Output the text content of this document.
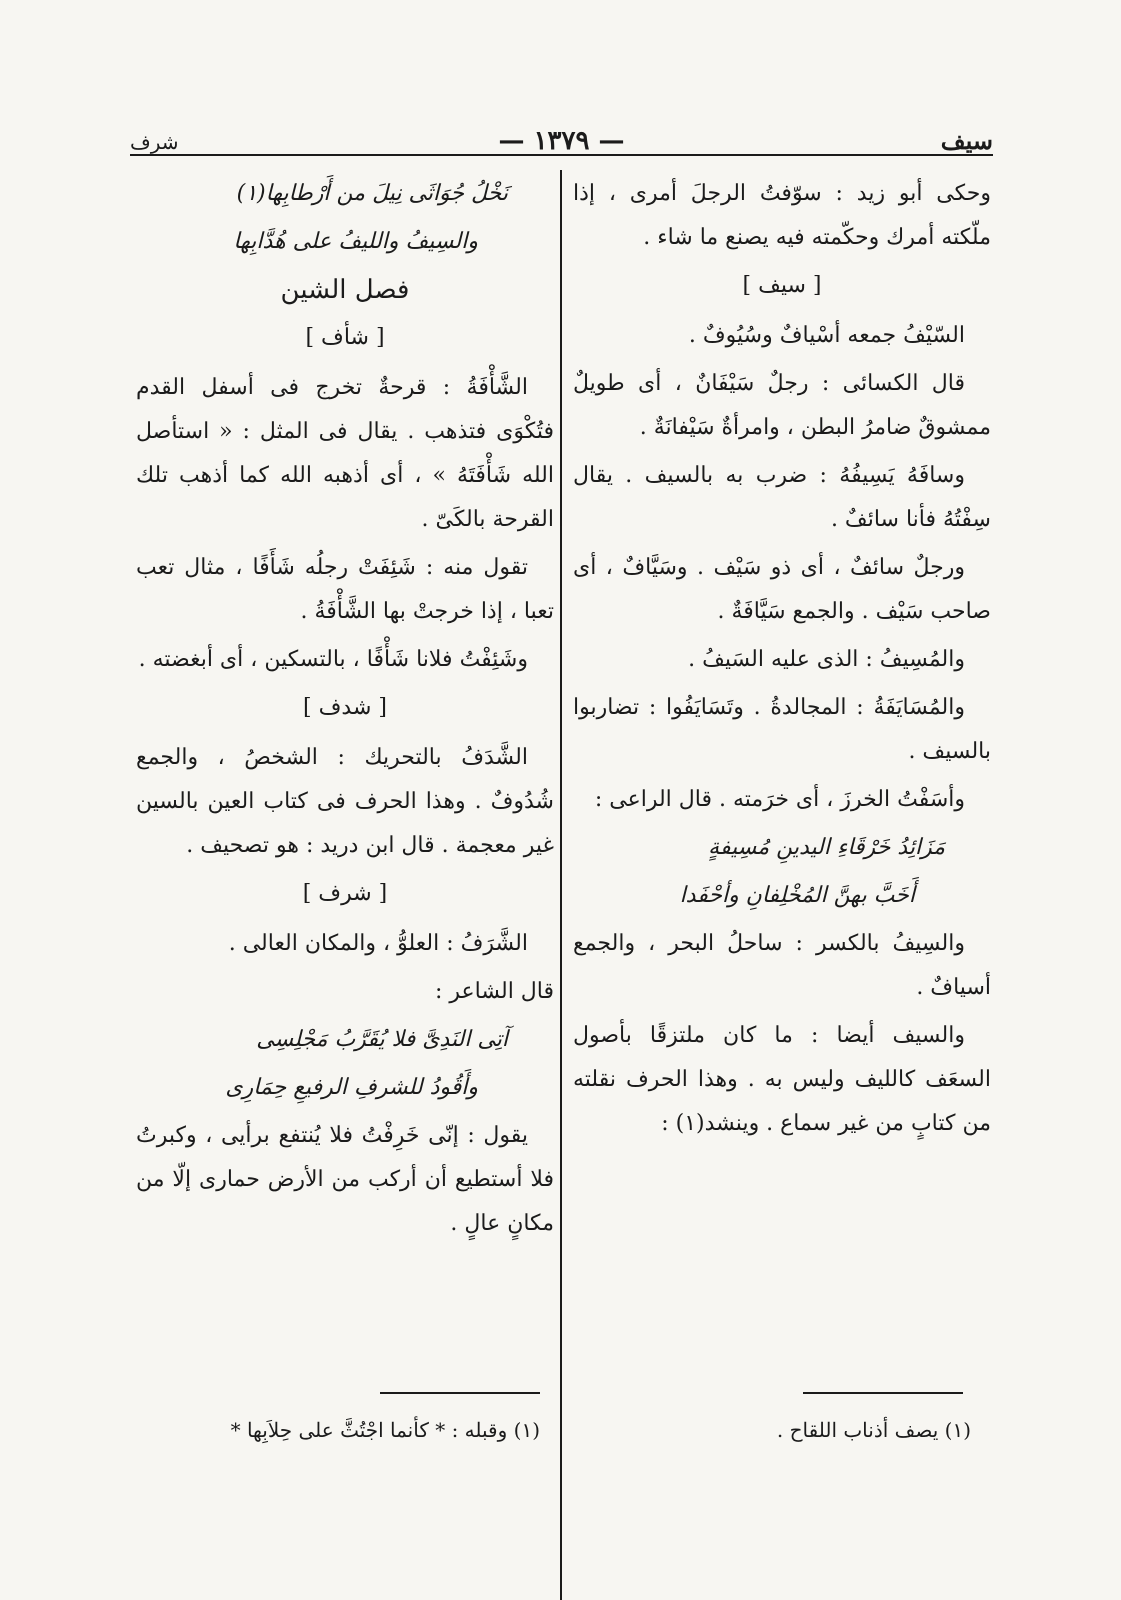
سيف
— ١٣٧٩ —
شرف

وحكى أبو زيد : سوّفتُ الرجلَ أمرى ، إذا ملّكته أمرك وحكّمته فيه يصنع ما شاء .

[ سيف ]

السّيْفُ جمعه أسْيافٌ وسُيُوفٌ .

قال الكسائى : رجلٌ سَيْفَانٌ ، أى طويلٌ ممشوقٌ ضامرُ البطن ، وامرأةٌ سَيْفانَةٌ .

وسافَهُ يَسِيفُهُ : ضرب به بالسيف . يقال سِفْتُهُ فأنا سائفٌ .

ورجلٌ سائفٌ ، أى ذو سَيْف . وسَيَّافٌ ، أى صاحب سَيْف . والجمع سَيَّافَةٌ .

والمُسِيفُ : الذى عليه السَيفُ .

والمُسَايَفَةُ : المجالدةُ . وتَسَايَفُوا : تضاربوا بالسيف .

وأسَفْتُ الخرزَ ، أى خرَمته . قال الراعى :

مَزَائِدُ خَرْقَاءِ اليدينِ مُسِيفةٍ

أَخَبَّ بهنَّ المُخْلِفانِ وأحْفَدا

والسِيفُ بالكسر : ساحلُ البحر ، والجمع أسيافٌ .

والسيف أيضا : ما كان ملتزقًا بأصول السعَف كالليف وليس به . وهذا الحرف نقلته من كتابٍ من غير سماع . وينشد(١) :

نَخْلُ جُوَاثَى نِيلَ من أَرْطابِها(١)

والسِيفُ والليفُ على هُدَّابِها

فصل الشين
[ شأف ]

الشَّأْفَةُ : قرحةٌ تخرج فى أسفل القدم فتُكْوَى فتذهب . يقال فى المثل : « استأصل الله شَأْفَتَهُ » ، أى أذهبه الله كما أذهب تلك القرحة بالكَىّ .

تقول منه : شَئِفَتْ رجلُه شَأَفًا ، مثال تعب تعبا ، إذا خرجتْ بها الشَّأْفَةُ .

وشَئِفْتُ فلانا شَأْفًا ، بالتسكين ، أى أبغضته .

[ شدف ]

الشَّدَفُ بالتحريك : الشخصُ ، والجمع شُدُوفٌ . وهذا الحرف فى كتاب العين بالسين غير معجمة . قال ابن دريد : هو تصحيف .

[ شرف ]

الشَّرَفُ : العلوُّ ، والمكان العالى .

قال الشاعر :

آتِى النَدِىَّ فلا يُقَرَّبُ مَجْلِسِى

وأَقُودُ للشرفِ الرفيعِ حِمَارِى

يقول : إنّى خَرِفْتُ فلا يُنتفع برأيى ، وكبرتُ فلا أستطيع أن أركب من الأرض حمارى إلّا من مكانٍ عالٍ .

(١) يصف أذناب اللقاح .
(١) وقبله : * كأنما اجْتُثَّ على حِلاَبِها *
